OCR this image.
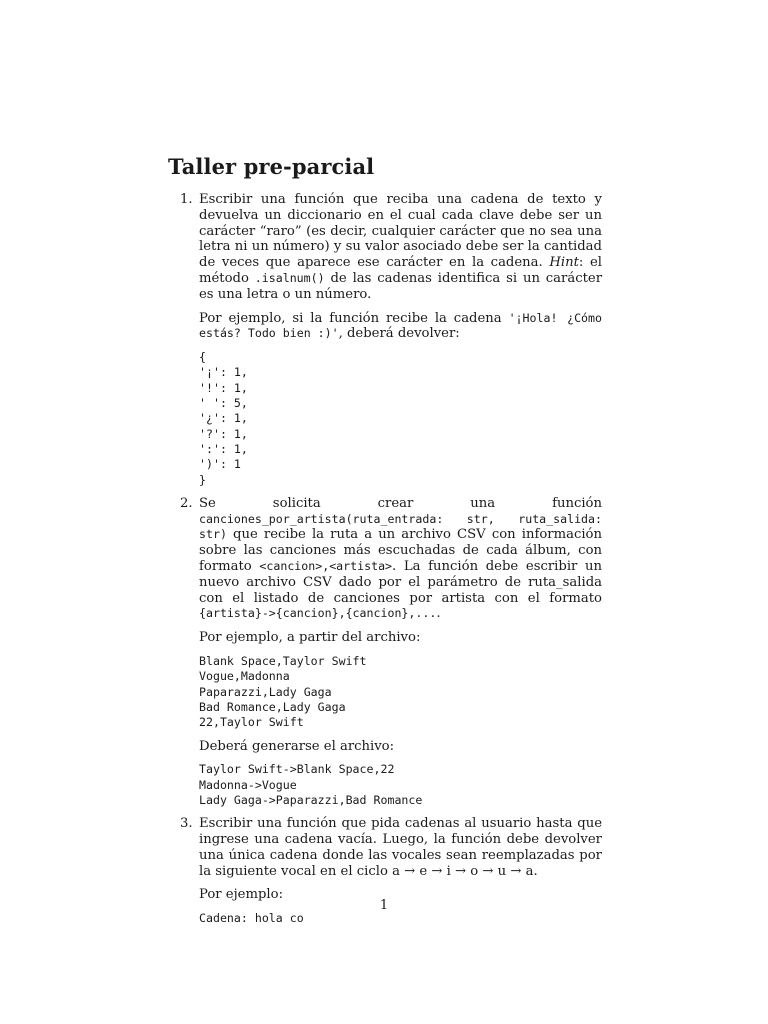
Taller pre-parcial
1. Escribir una función que reciba una cadena de texto y devuelva un diccionario en el cual cada clave debe ser un carácter “raro” (es decir, cualquier carácter que no sea una letra ni un número) y su valor asociado debe ser la cantidad de veces que aparece ese carácter en la cadena. Hint: el método .isalnum() de las cadenas identifica si un carácter es una letra o un número.

Por ejemplo, si la función recibe la cadena '¡Hola! ¿Cómo estás? Todo bien :)', deberá devolver:

{
'¡': 1,
'!': 1,
' ': 5,
'¿': 1,
'?': 1,
':': 1,
')': 1
}
2. Se solicita crear una función canciones_por_artista(ruta_entrada: str, ruta_salida: str) que recibe la ruta a un archivo CSV con información sobre las canciones más escuchadas de cada álbum, con formato <cancion>,<artista>. La función debe escribir un nuevo archivo CSV dado por el parámetro de ruta_salida con el listado de canciones por artista con el formato {artista}->{cancion},{cancion},....

Por ejemplo, a partir del archivo:

Blank Space,Taylor Swift
Vogue,Madonna
Paparazzi,Lady Gaga
Bad Romance,Lady Gaga
22,Taylor Swift

Deberá generarse el archivo:

Taylor Swift->Blank Space,22
Madonna->Vogue
Lady Gaga->Paparazzi,Bad Romance
3. Escribir una función que pida cadenas al usuario hasta que ingrese una cadena vacía. Luego, la función debe devolver una única cadena donde las vocales sean reemplazadas por la siguiente vocal en el ciclo a → e → i → o → u → a.

Por ejemplo:

Cadena: hola co
1
